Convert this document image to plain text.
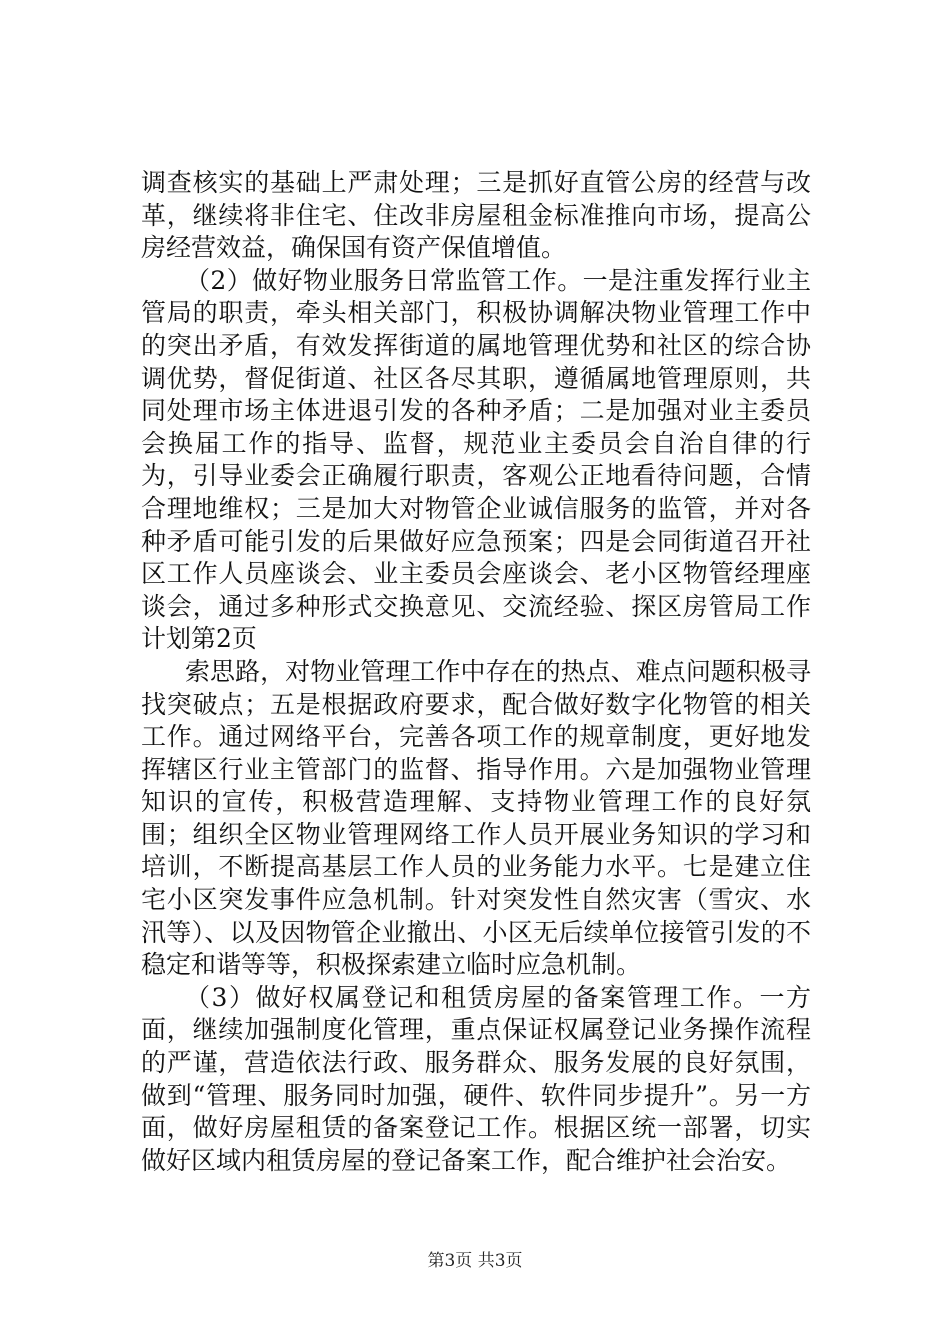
调查核实的基础上严肃处理；三是抓好直管公房的经营与改革，继续将非住宅、住改非房屋租金标准推向市场，提高公房经营效益，确保国有资产保值增值。

（2）做好物业服务日常监管工作。一是注重发挥行业主管局的职责，牵头相关部门，积极协调解决物业管理工作中的突出矛盾，有效发挥街道的属地管理优势和社区的综合协调优势，督促街道、社区各尽其职，遵循属地管理原则，共同处理市场主体进退引发的各种矛盾；二是加强对业主委员会换届工作的指导、监督，规范业主委员会自治自律的行为，引导业委会正确履行职责，客观公正地看待问题，合情合理地维权；三是加大对物管企业诚信服务的监管，并对各种矛盾可能引发的后果做好应急预案；四是会同街道召开社区工作人员座谈会、业主委员会座谈会、老小区物管经理座谈会，通过多种形式交换意见、交流经验、探区房管局工作计划第2页

索思路，对物业管理工作中存在的热点、难点问题积极寻找突破点；五是根据政府要求，配合做好数字化物管的相关工作。通过网络平台，完善各项工作的规章制度，更好地发挥辖区行业主管部门的监督、指导作用。六是加强物业管理知识的宣传，积极营造理解、支持物业管理工作的良好氛围；组织全区物业管理网络工作人员开展业务知识的学习和培训，不断提高基层工作人员的业务能力水平。七是建立住宅小区突发事件应急机制。针对突发性自然灾害（雪灾、水汛等）、以及因物管企业撤出、小区无后续单位接管引发的不稳定和谐等等，积极探索建立临时应急机制。

（3）做好权属登记和租赁房屋的备案管理工作。一方面，继续加强制度化管理，重点保证权属登记业务操作流程的严谨，营造依法行政、服务群众、服务发展的良好氛围，做到“管理、服务同时加强，硬件、软件同步提升”。另一方面，做好房屋租赁的备案登记工作。根据区统一部署，切实做好区域内租赁房屋的登记备案工作，配合维护社会治安。

第3页 共3页
